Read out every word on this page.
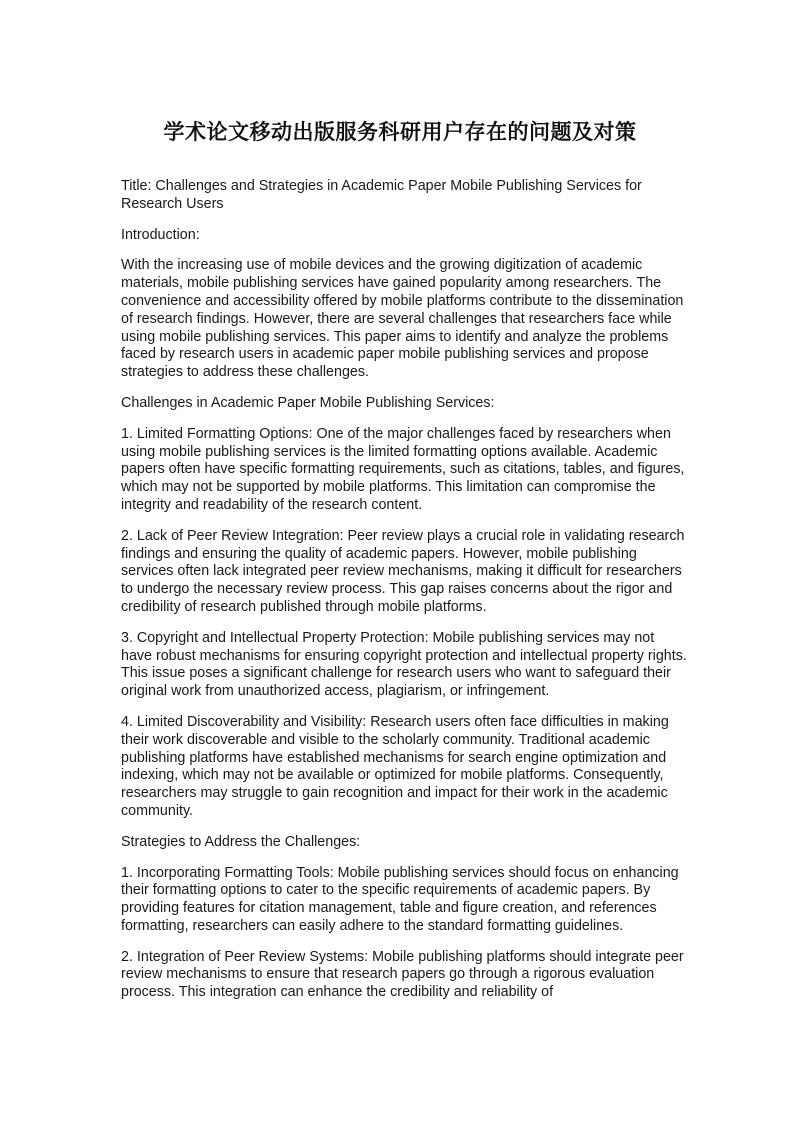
学术论文移动出版服务科研用户存在的问题及对策

Title: Challenges and Strategies in Academic Paper Mobile Publishing Services for Research Users

Introduction:

With the increasing use of mobile devices and the growing digitization of academic materials, mobile publishing services have gained popularity among researchers. The convenience and accessibility offered by mobile platforms contribute to the dissemination of research findings. However, there are several challenges that researchers face while using mobile publishing services. This paper aims to identify and analyze the problems faced by research users in academic paper mobile publishing services and propose strategies to address these challenges.

Challenges in Academic Paper Mobile Publishing Services:

1. Limited Formatting Options: One of the major challenges faced by researchers when using mobile publishing services is the limited formatting options available. Academic papers often have specific formatting requirements, such as citations, tables, and figures, which may not be supported by mobile platforms. This limitation can compromise the integrity and readability of the research content.

2. Lack of Peer Review Integration: Peer review plays a crucial role in validating research findings and ensuring the quality of academic papers. However, mobile publishing services often lack integrated peer review mechanisms, making it difficult for researchers to undergo the necessary review process. This gap raises concerns about the rigor and credibility of research published through mobile platforms.

3. Copyright and Intellectual Property Protection: Mobile publishing services may not have robust mechanisms for ensuring copyright protection and intellectual property rights. This issue poses a significant challenge for research users who want to safeguard their original work from unauthorized access, plagiarism, or infringement.

4. Limited Discoverability and Visibility: Research users often face difficulties in making their work discoverable and visible to the scholarly community. Traditional academic publishing platforms have established mechanisms for search engine optimization and indexing, which may not be available or optimized for mobile platforms. Consequently, researchers may struggle to gain recognition and impact for their work in the academic community.

Strategies to Address the Challenges:

1. Incorporating Formatting Tools: Mobile publishing services should focus on enhancing their formatting options to cater to the specific requirements of academic papers. By providing features for citation management, table and figure creation, and references formatting, researchers can easily adhere to the standard formatting guidelines.

2. Integration of Peer Review Systems: Mobile publishing platforms should integrate peer review mechanisms to ensure that research papers go through a rigorous evaluation process. This integration can enhance the credibility and reliability of
